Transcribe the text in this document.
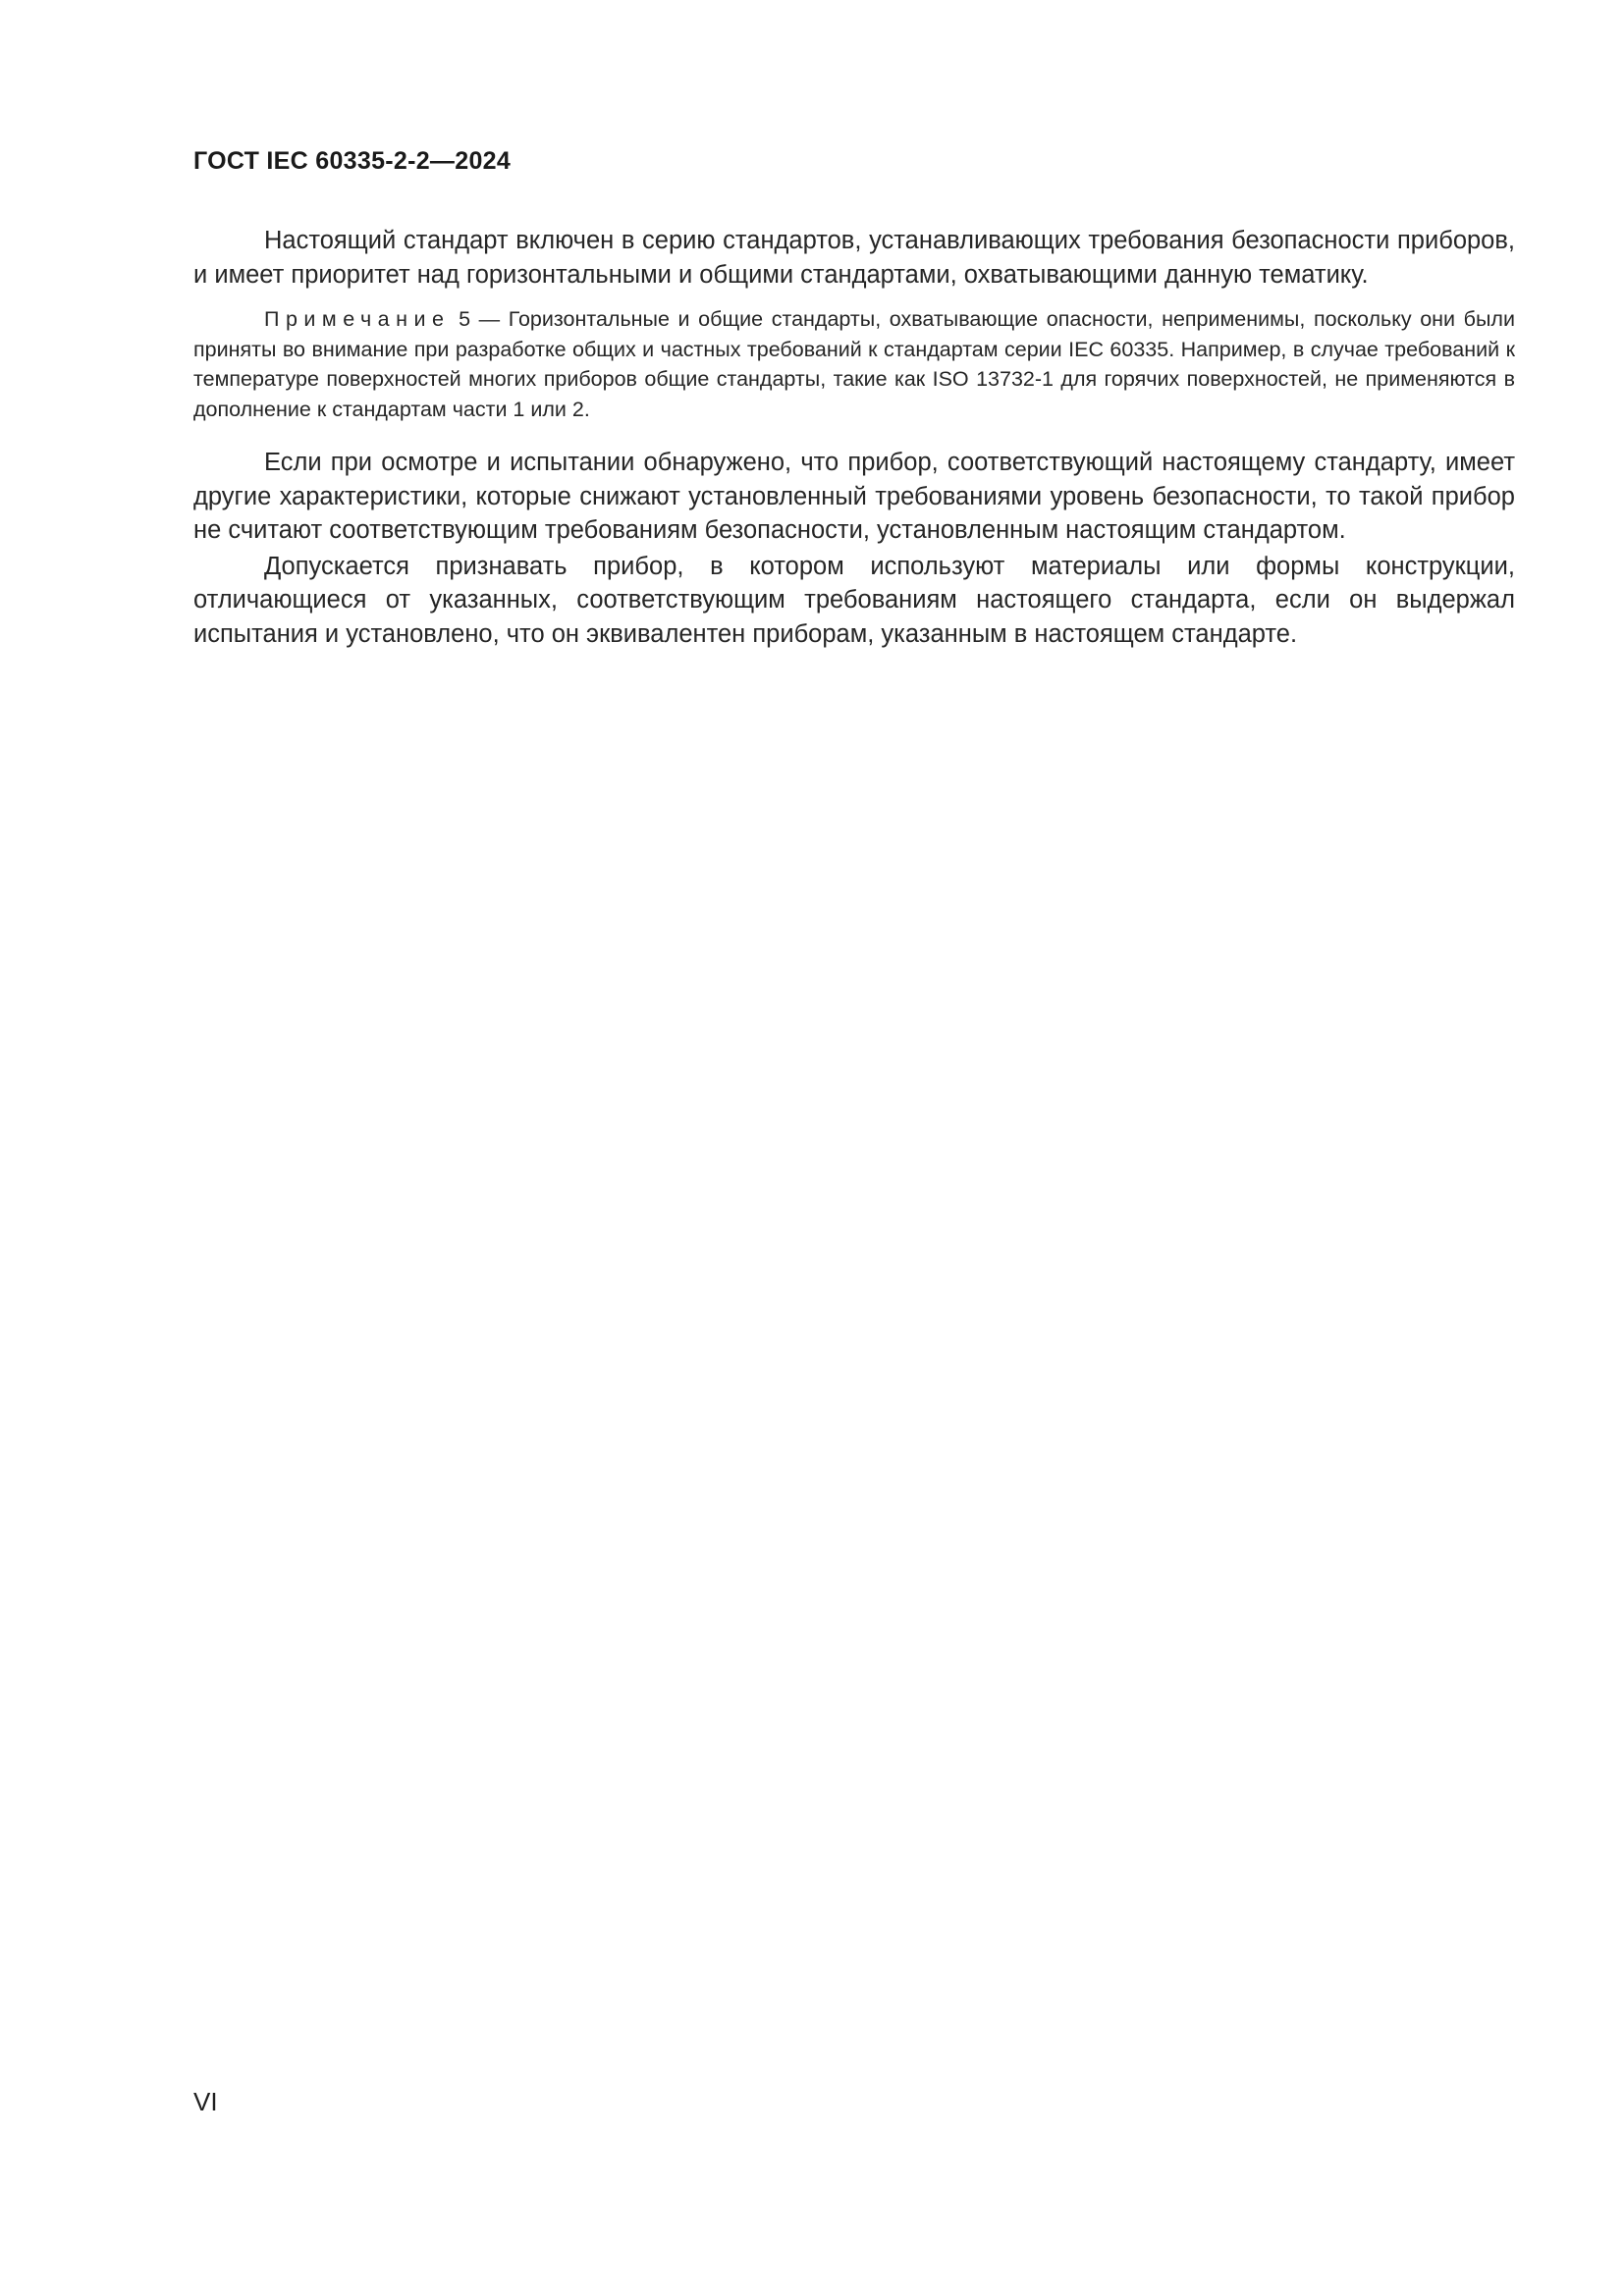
ГОСТ IEC 60335-2-2—2024

Настоящий стандарт включен в серию стандартов, устанавливающих требования безопасности приборов, и имеет приоритет над горизонтальными и общими стандартами, охватывающими данную тематику.

Примечание 5 — Горизонтальные и общие стандарты, охватывающие опасности, неприменимы, поскольку они были приняты во внимание при разработке общих и частных требований к стандартам серии IEC 60335. Например, в случае требований к температуре поверхностей многих приборов общие стандарты, такие как ISO 13732-1 для горячих поверхностей, не применяются в дополнение к стандартам части 1 или 2.

Если при осмотре и испытании обнаружено, что прибор, соответствующий настоящему стандарту, имеет другие характеристики, которые снижают установленный требованиями уровень безопасности, то такой прибор не считают соответствующим требованиям безопасности, установленным настоящим стандартом.

Допускается признавать прибор, в котором используют материалы или формы конструкции, отличающиеся от указанных, соответствующим требованиям настоящего стандарта, если он выдержал испытания и установлено, что он эквивалентен приборам, указанным в настоящем стандарте.

VI
